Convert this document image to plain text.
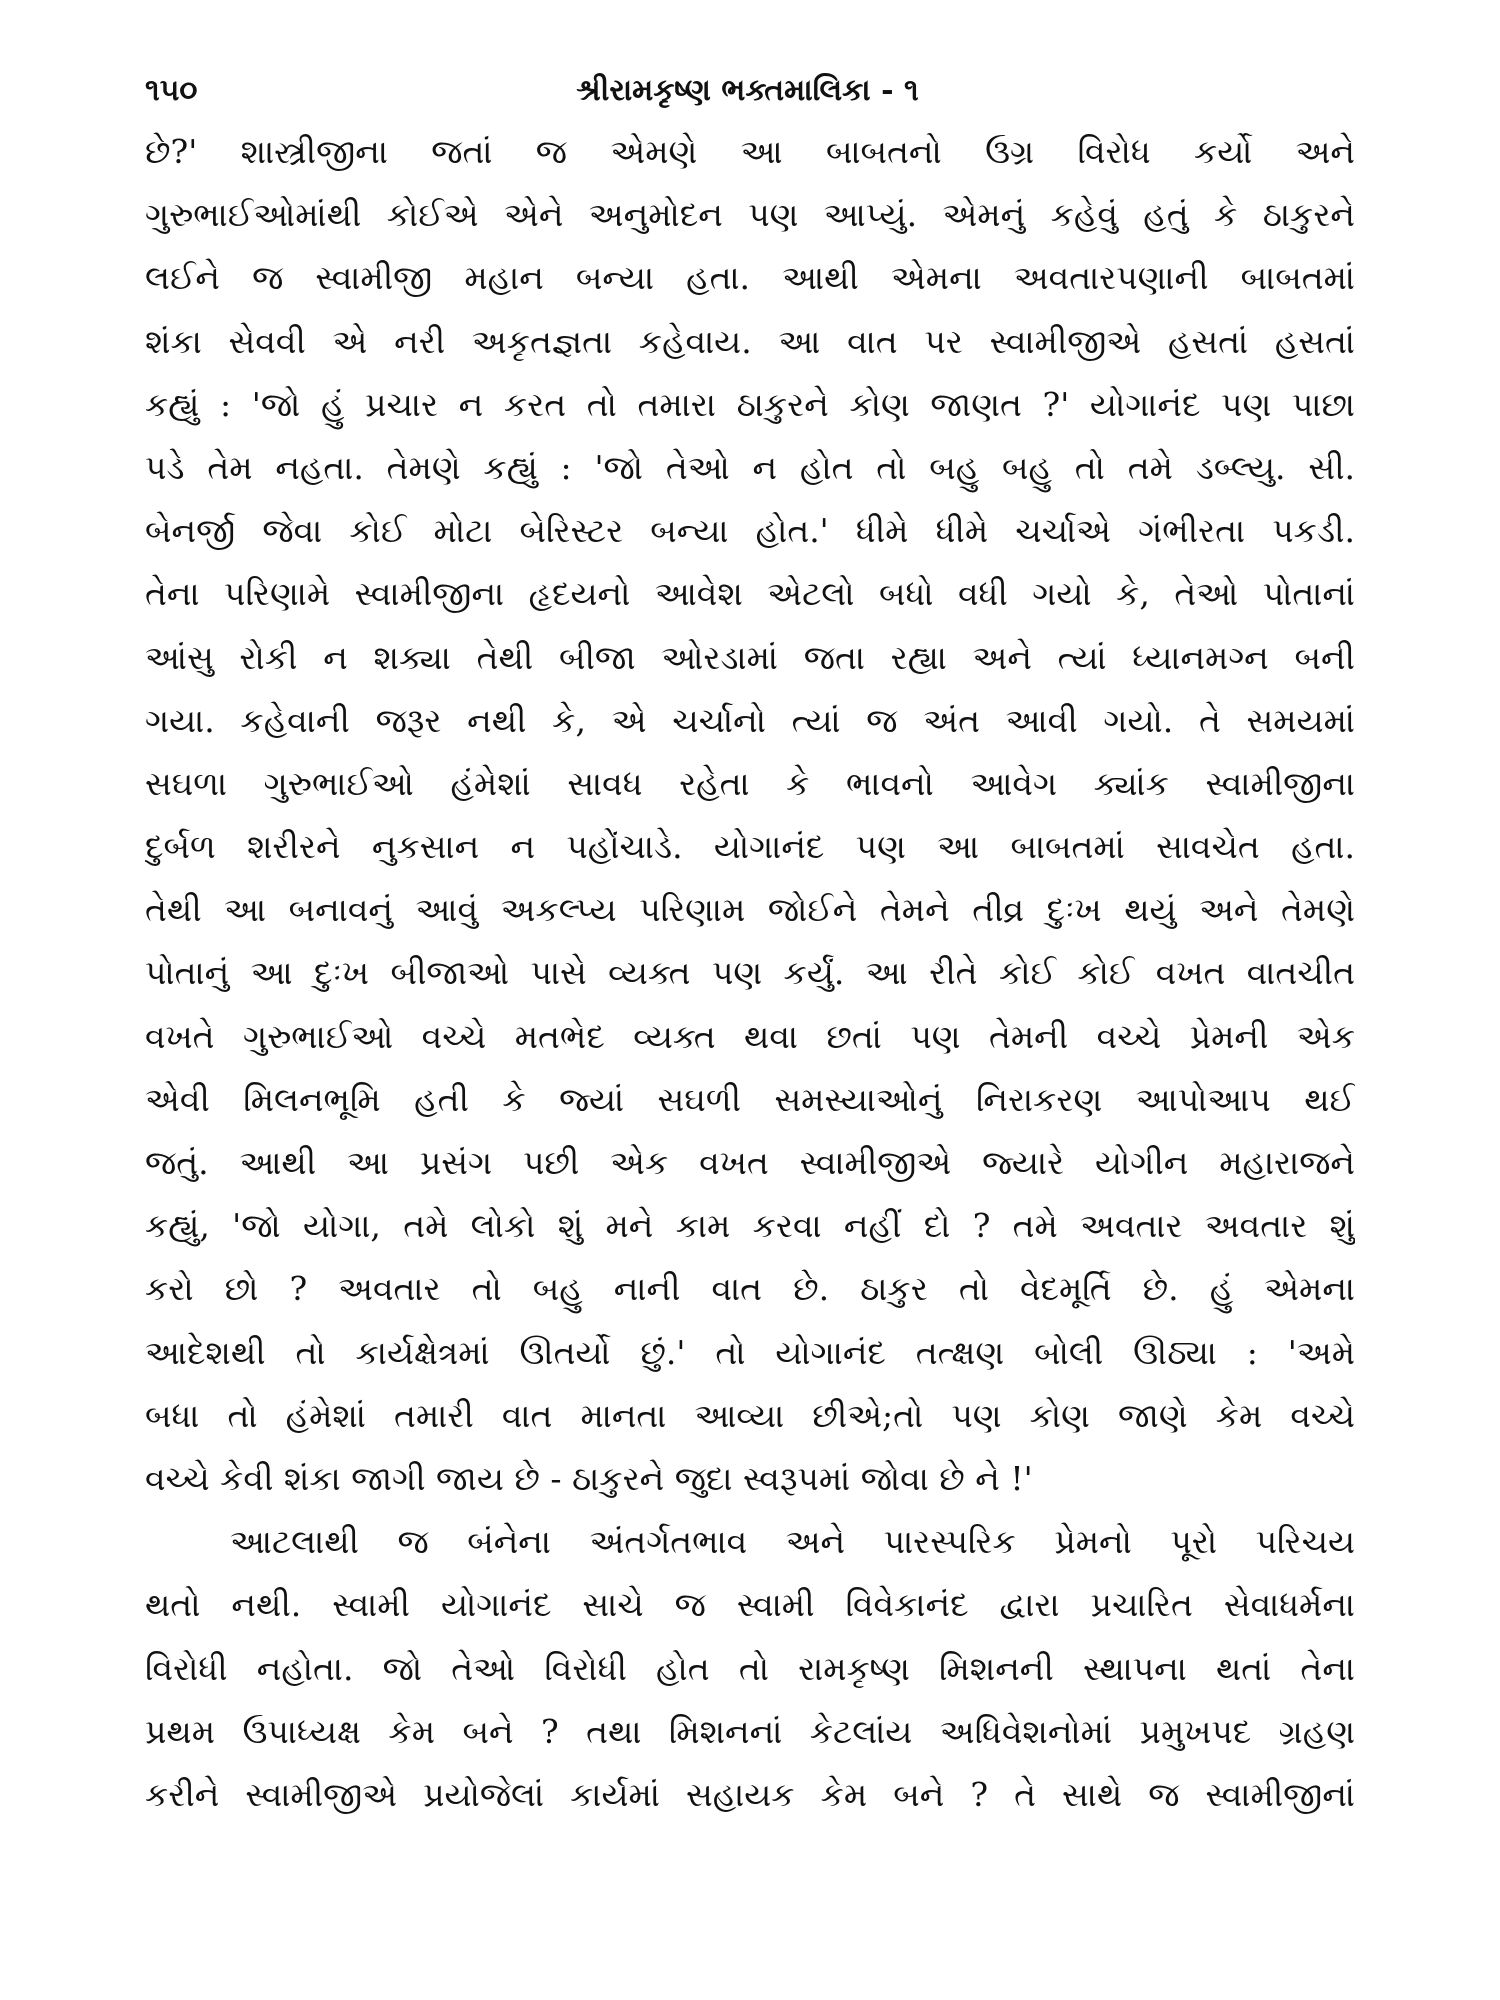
૧૫૦	શ્રીરામકૃષ્ણ ભક્તમાલિકા - ૧
છે?' શાસ્ત્રીજીના જતાં જ એમણે આ બાબતનો ઉગ્ર વિરોધ કર્યો અને
ગુરુભાઈઓમાંથી કોઈએ એને અનુમોદન પણ આપ્યું. એમનું કહેવું હતું કે ઠાકુરને
લઈને જ સ્વામીજી મહાન બન્યા હતા. આથી એમના અવતારપણાની બાબતમાં
શંકા સેવવી એ નરી અકૃતજ્ઞતા કહેવાય. આ વાત પર સ્વામીજીએ હસતાં હસતાં
કહ્યું : 'જો હું પ્રચાર ન કરત તો તમારા ઠાકુરને કોણ જાણત ?' યોગાનંદ પણ પાછા
પડે તેમ નહતા. તેમણે કહ્યું : 'જો તેઓ ન હોત તો બહુ બહુ તો તમે ડબ્લ્યુ. સી.
બેનર્જી જેવા કોઈ મોટા બેરિસ્ટર બન્યા હોત.' ધીમે ધીમે ચર્ચાએ ગંભીરતા પકડી.
તેના પરિણામે સ્વામીજીના હૃદયનો આવેશ એટલો બધો વધી ગયો કે, તેઓ પોતાનાં
આંસુ રોકી ન શક્યા તેથી બીજા ઓરડામાં જતા રહ્યા અને ત્યાં ધ્યાનમગ્ન બની
ગયા. કહેવાની જરૂર નથી કે, એ ચર્ચાનો ત્યાં જ અંત આવી ગયો. તે સમયમાં
સઘળા ગુરુભાઈઓ હંમેશાં સાવધ રહેતા કે ભાવનો આવેગ ક્યાંક સ્વામીજીના
દુર્બળ શરીરને નુકસાન ન પહોંચાડે. યોગાનંદ પણ આ બાબતમાં સાવચેત હતા.
તેથી આ બનાવનું આવું અકલ્પ્ય પરિણામ જોઈને તેમને તીવ્ર દુઃખ થયું અને તેમણે
પોતાનું આ દુઃખ બીજાઓ પાસે વ્યક્ત પણ કર્યું. આ રીતે કોઈ કોઈ વખત વાતચીત
વખતે ગુરુભાઈઓ વચ્ચે મતભેદ વ્યક્ત થવા છતાં પણ તેમની વચ્ચે પ્રેમની એક
એવી મિલનભૂમિ હતી કે જ્યાં સઘળી સમસ્યાઓનું નિરાકરણ આપોઆપ થઈ
જતું. આથી આ પ્રસંગ પછી એક વખત સ્વામીજીએ જ્યારે યોગીન મહારાજને
કહ્યું, 'જો યોગા, તમે લોકો શું મને કામ કરવા નહીં દો ? તમે અવતાર અવતાર શું
કરો છો ? અવતાર તો બહુ નાની વાત છે. ઠાકુર તો વેદમૂર્તિ છે. હું એમના
આદેશથી તો કાર્યક્ષેત્રમાં ઊતર્યો છું.' તો યોગાનંદ તત્ક્ષણ બોલી ઊઠ્યા : 'અમે
બધા તો હંમેશાં તમારી વાત માનતા આવ્યા છીએ;તો પણ કોણ જાણે કેમ વચ્ચે
વચ્ચે કેવી શંકા જાગી જાય છે - ઠાકુરને જુદા સ્વરૂપમાં જોવા છે ને !'
આટલાથી જ બંનેના અંતર્ગતભાવ અને પારસ્પરિક પ્રેમનો પૂરો પરિચય
થતો નથી. સ્વામી યોગાનંદ સાચે જ સ્વામી વિવેકાનંદ દ્વારા પ્રચારિત સેવાધર્મના
વિરોધી નહોતા. જો તેઓ વિરોધી હોત તો રામકૃષ્ણ મિશનની સ્થાપના થતાં તેના
પ્રથમ ઉપાધ્યક્ષ કેમ બને ? તથા મિશનનાં કેટલાંય અધિવેશનોમાં પ્રમુખપદ ગ્રહણ
કરીને સ્વામીજીએ પ્રયોજેલાં કાર્યમાં સહાયક કેમ બને ? તે સાથે જ સ્વામીજીનાં
